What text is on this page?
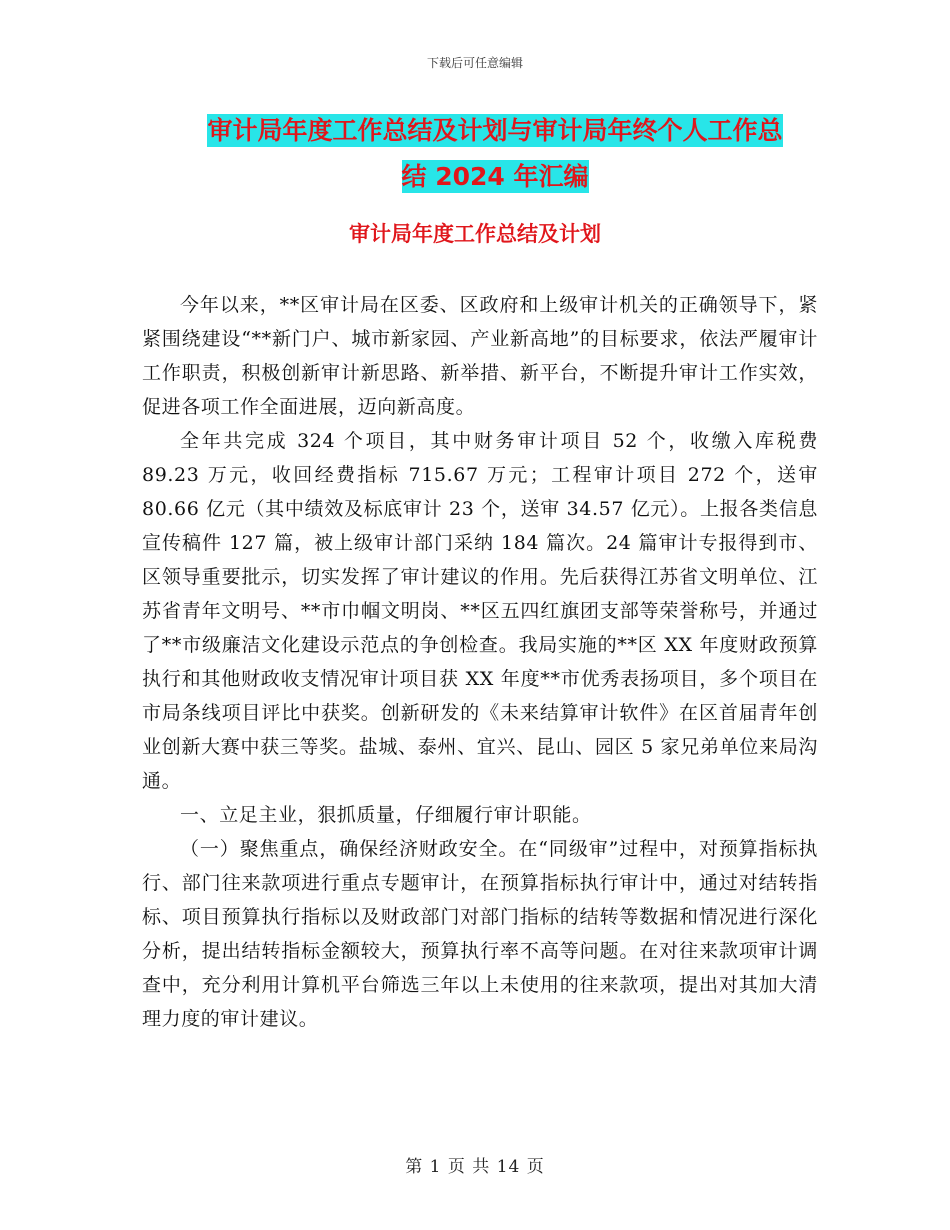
下载后可任意编辑
审计局年度工作总结及计划与审计局年终个人工作总
结 2024 年汇编
审计局年度工作总结及计划

今年以来，**区审计局在区委、区政府和上级审计机关的正确领导下，紧紧围绕建设“**新门户、城市新家园、产业新高地”的目标要求，依法严履审计工作职责，积极创新审计新思路、新举措、新平台，不断提升审计工作实效，促进各项工作全面进展，迈向新高度。

全年共完成 324 个项目，其中财务审计项目 52 个，收缴入库税费 89.23 万元，收回经费指标 715.67 万元；工程审计项目 272 个，送审 80.66 亿元（其中绩效及标底审计 23 个，送审 34.57 亿元）。上报各类信息宣传稿件 127 篇，被上级审计部门采纳 184 篇次。24 篇审计专报得到市、区领导重要批示，切实发挥了审计建议的作用。先后获得江苏省文明单位、江苏省青年文明号、**市巾帼文明岗、**区五四红旗团支部等荣誉称号，并通过了**市级廉洁文化建设示范点的争创检查。我局实施的**区 XX 年度财政预算执行和其他财政收支情况审计项目获 XX 年度**市优秀表扬项目，多个项目在市局条线项目评比中获奖。创新研发的《未来结算审计软件》在区首届青年创业创新大赛中获三等奖。盐城、泰州、宜兴、昆山、园区 5 家兄弟单位来局沟通。

一、立足主业，狠抓质量，仔细履行审计职能。

（一）聚焦重点，确保经济财政安全。在“同级审”过程中，对预算指标执行、部门往来款项进行重点专题审计，在预算指标执行审计中，通过对结转指标、项目预算执行指标以及财政部门对部门指标的结转等数据和情况进行深化分析，提出结转指标金额较大，预算执行率不高等问题。在对往来款项审计调查中，充分利用计算机平台筛选三年以上未使用的往来款项，提出对其加大清理力度的审计建议。

第 1 页 共 14 页
